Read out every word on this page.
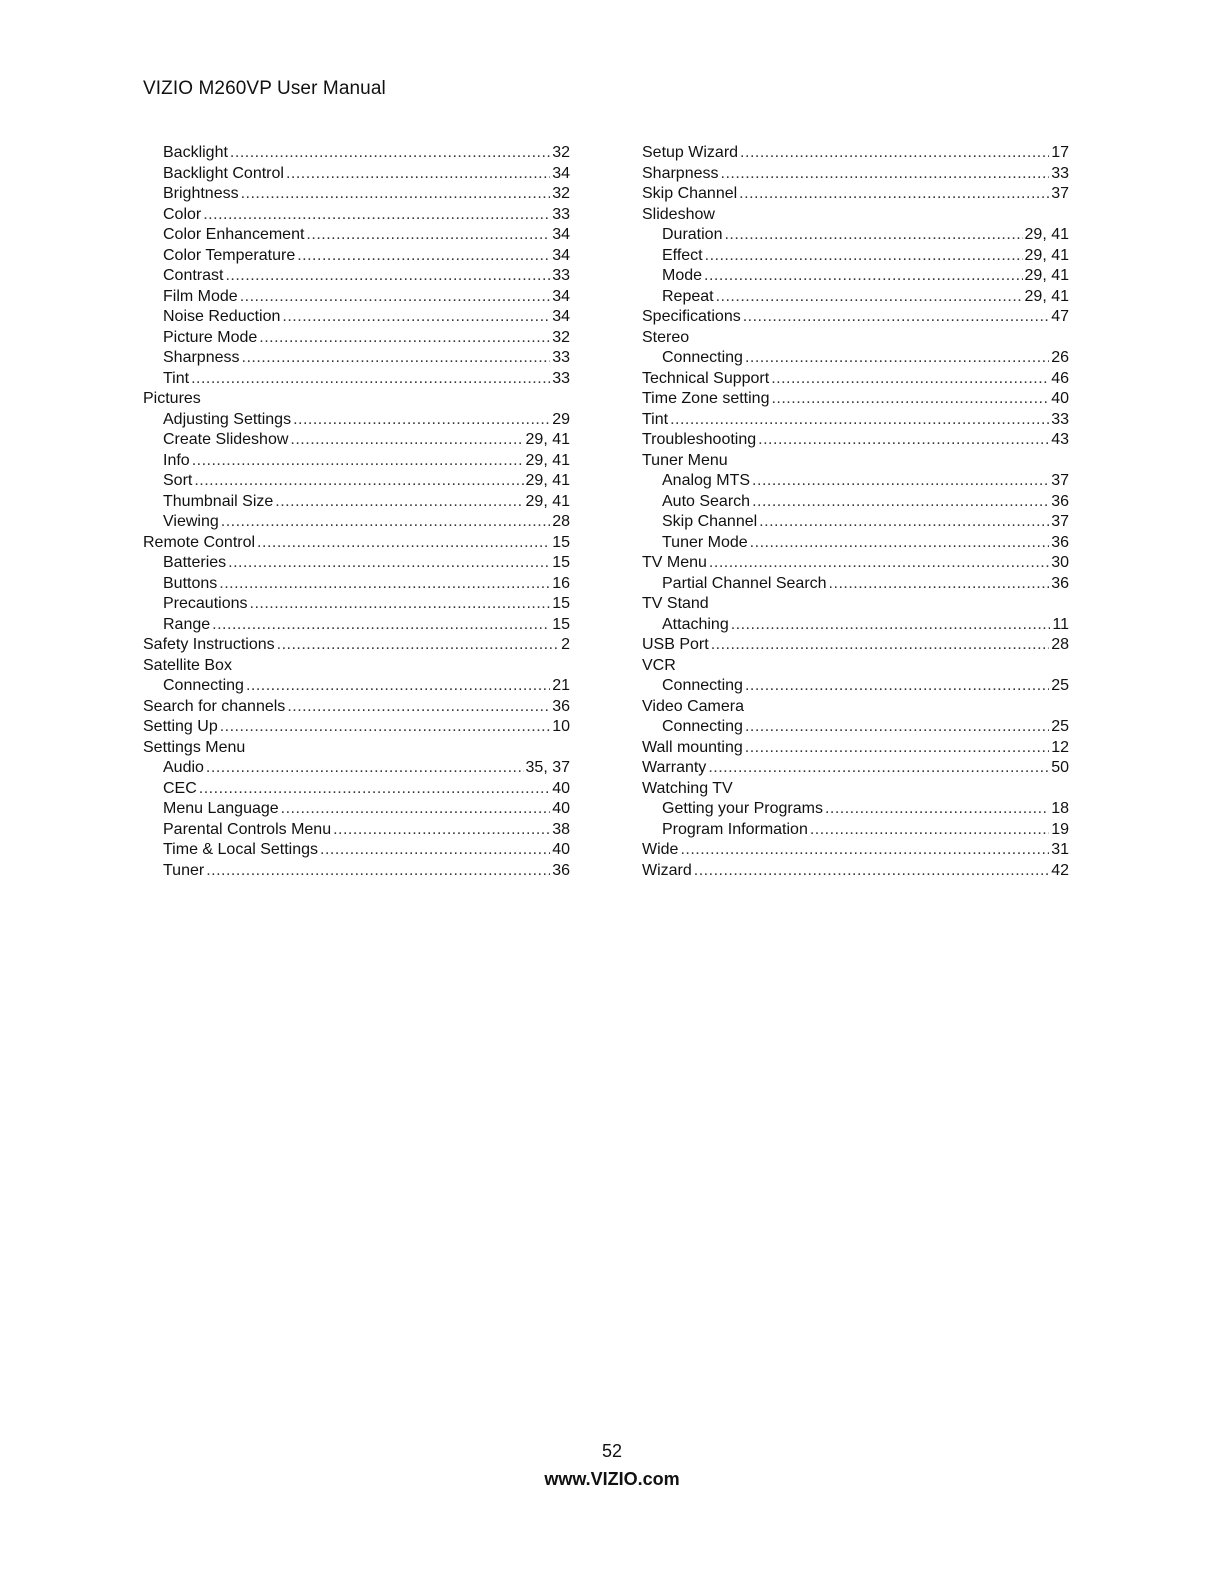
VIZIO M260VP User Manual
Backlight .....	32
Backlight Control .....	34
Brightness .....	32
Color .....	33
Color Enhancement .....	34
Color Temperature .....	34
Contrast .....	33
Film Mode .....	34
Noise Reduction .....	34
Picture Mode .....	32
Sharpness .....	33
Tint .....	33
Pictures
Adjusting Settings .....	29
Create Slideshow .....	29, 41
Info .....	29, 41
Sort .....	29, 41
Thumbnail Size .....	29, 41
Viewing .....	28
Remote Control .....	15
Batteries .....	15
Buttons .....	16
Precautions .....	15
Range .....	15
Safety Instructions .....	2
Satellite Box
Connecting .....	21
Search for channels .....	36
Setting Up .....	10
Settings Menu
Audio .....	35, 37
CEC .....	40
Menu Language .....	40
Parental Controls Menu .....	38
Time & Local Settings .....	40
Tuner .....	36
Setup Wizard .....	17
Sharpness .....	33
Skip Channel .....	37
Slideshow
Duration .....	29, 41
Effect .....	29, 41
Mode .....	29, 41
Repeat .....	29, 41
Specifications .....	47
Stereo
Connecting .....	26
Technical Support .....	46
Time Zone setting .....	40
Tint .....	33
Troubleshooting .....	43
Tuner Menu
Analog MTS .....	37
Auto Search .....	36
Skip Channel .....	37
Tuner Mode .....	36
TV Menu .....	30
Partial Channel Search .....	36
TV Stand
Attaching .....	11
USB Port .....	28
VCR
Connecting .....	25
Video Camera
Connecting .....	25
Wall mounting .....	12
Warranty .....	50
Watching TV
Getting your Programs .....	18
Program Information .....	19
Wide .....	31
Wizard .....	42
52
www.VIZIO.com
